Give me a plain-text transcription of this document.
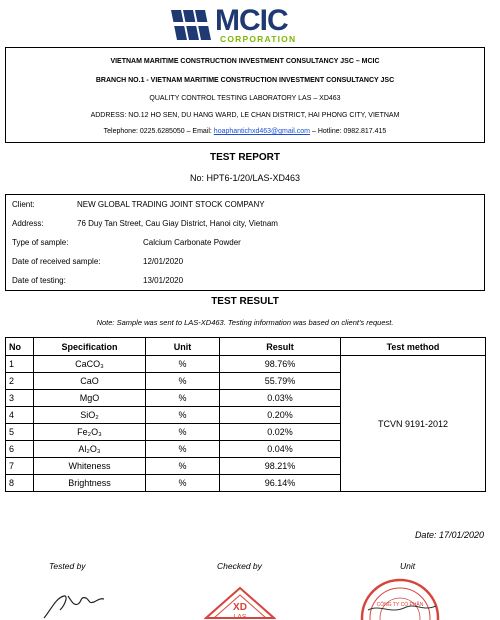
MCIC
CORPORATION
VIETNAM MARITIME CONSTRUCTION INVESTMENT CONSULTANCY JSC – MCIC
BRANCH NO.1 - VIETNAM MARITIME CONSTRUCTION INVESTMENT CONSULTANCY JSC
QUALITY CONTROL TESTING LABORATORY LAS – XD463
ADDRESS: NO.12 HO SEN, DU HANG WARD, LE CHAN DISTRICT, HAI PHONG CITY, VIETNAM
Telephone: 0225.6285050 – Email: hoaphantichxd463@gmail.com – Hotline: 0982.817.415
TEST REPORT
No: HPT6-1/20/LAS-XD463
Client:	NEW GLOBAL TRADING JOINT STOCK COMPANY
Address:	76 Duy Tan Street, Cau Giay District, Hanoi city, Vietnam
Type of sample:	Calcium Carbonate Powder
Date of received sample:	12/01/2020
Date of testing:	13/01/2020
TEST RESULT
Note: Sample was sent to LAS-XD463. Testing information was based on client’s request.
No	Specification	Unit	Result	Test method
1	CaCO₃	%	98.76%	TCVN 9191-2012
2	CaO	%	55.79%	
3	MgO	%	0.03%	
4	SiO₂	%	0.20%	
5	Fe₂O₃	%	0.02%	
6	Al₂O₃	%	0.04%	
7	Whiteness	%	98.21%	
8	Brightness	%	96.14%	
Date: 17/01/2020
Tested by	Checked by	Unit
XD
LAS
CÔNG TY CỔ PHẦN
